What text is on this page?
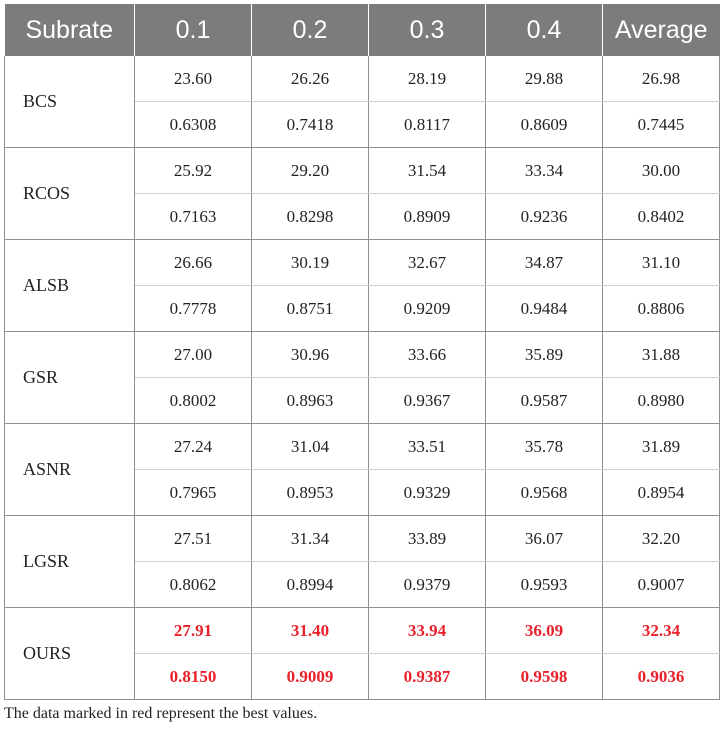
Subrate	0.1	0.2	0.3	0.4	Average
BCS	23.60	26.26	28.19	29.88	26.98
	0.6308	0.7418	0.8117	0.8609	0.7445
RCOS	25.92	29.20	31.54	33.34	30.00
	0.7163	0.8298	0.8909	0.9236	0.8402
ALSB	26.66	30.19	32.67	34.87	31.10
	0.7778	0.8751	0.9209	0.9484	0.8806
GSR	27.00	30.96	33.66	35.89	31.88
	0.8002	0.8963	0.9367	0.9587	0.8980
ASNR	27.24	31.04	33.51	35.78	31.89
	0.7965	0.8953	0.9329	0.9568	0.8954
LGSR	27.51	31.34	33.89	36.07	32.20
	0.8062	0.8994	0.9379	0.9593	0.9007
OURS	27.91	31.40	33.94	36.09	32.34
	0.8150	0.9009	0.9387	0.9598	0.9036
The data marked in red represent the best values.
